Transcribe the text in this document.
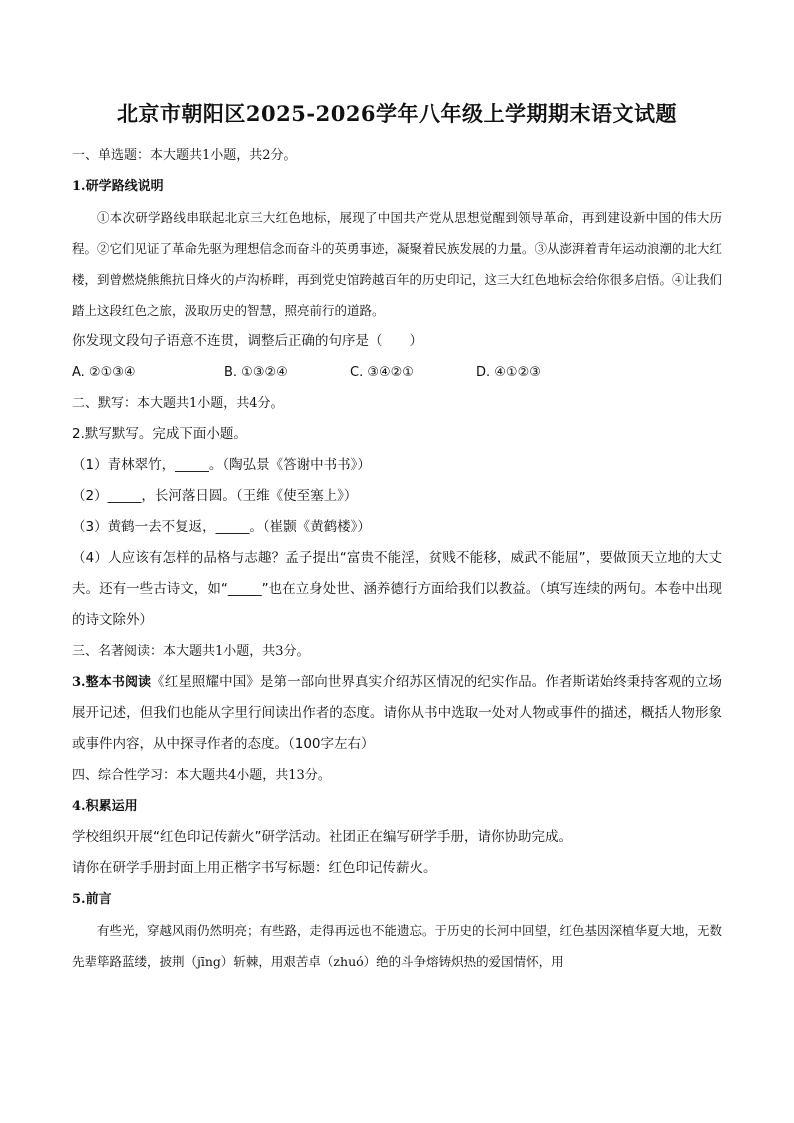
北京市朝阳区2025-2026学年八年级上学期期末语文试题
一、单选题：本大题共1小题，共2分。
1.研学路线说明
①本次研学路线串联起北京三大红色地标，展现了中国共产党从思想觉醒到领导革命，再到建设新中国的伟大历程。②它们见证了革命先驱为理想信念而奋斗的英勇事迹，凝聚着民族发展的力量。③从澎湃着青年运动浪潮的北大红楼，到曾燃烧熊熊抗日烽火的卢沟桥畔，再到党史馆跨越百年的历史印记，这三大红色地标会给你很多启悟。④让我们踏上这段红色之旅，汲取历史的智慧，照亮前行的道路。
你发现文段句子语意不连贯，调整后正确的句序是（　　）
A. ②①③④	B. ①③②④	C. ③④②①	D. ④①②③
二、默写：本大题共1小题，共4分。
2.默写默写。完成下面小题。
（1）青林翠竹，_____。（陶弘景《答谢中书书》）
（2）_____，长河落日圆。（王维《使至塞上》）
（3）黄鹤一去不复返，_____。（崔颢《黄鹤楼》）
（4）人应该有怎样的品格与志趣？孟子提出“富贵不能淫，贫贱不能移，威武不能屈”，要做顶天立地的大丈夫。还有一些古诗文，如“_____”也在立身处世、涵养德行方面给我们以教益。（填写连续的两句。本卷中出现的诗文除外）
三、名著阅读：本大题共1小题，共3分。
3.整本书阅读《红星照耀中国》是第一部向世界真实介绍苏区情况的纪实作品。作者斯诺始终秉持客观的立场展开记述，但我们也能从字里行间读出作者的态度。请你从书中选取一处对人物或事件的描述，概括人物形象或事件内容，从中探寻作者的态度。（100字左右）
四、综合性学习：本大题共4小题，共13分。
4.积累运用
学校组织开展“红色印记传薪火”研学活动。社团正在编写研学手册，请你协助完成。
请你在研学手册封面上用正楷字书写标题：红色印记传薪火。
5.前言
有些光，穿越风雨仍然明亮；有些路，走得再远也不能遗忘。于历史的长河中回望，红色基因深植华夏大地，无数先辈筚路蓝缕，披荆（jīng）斩棘，用艰苦卓（zhuó）绝的斗争熔铸炽热的爱国情怀，用
